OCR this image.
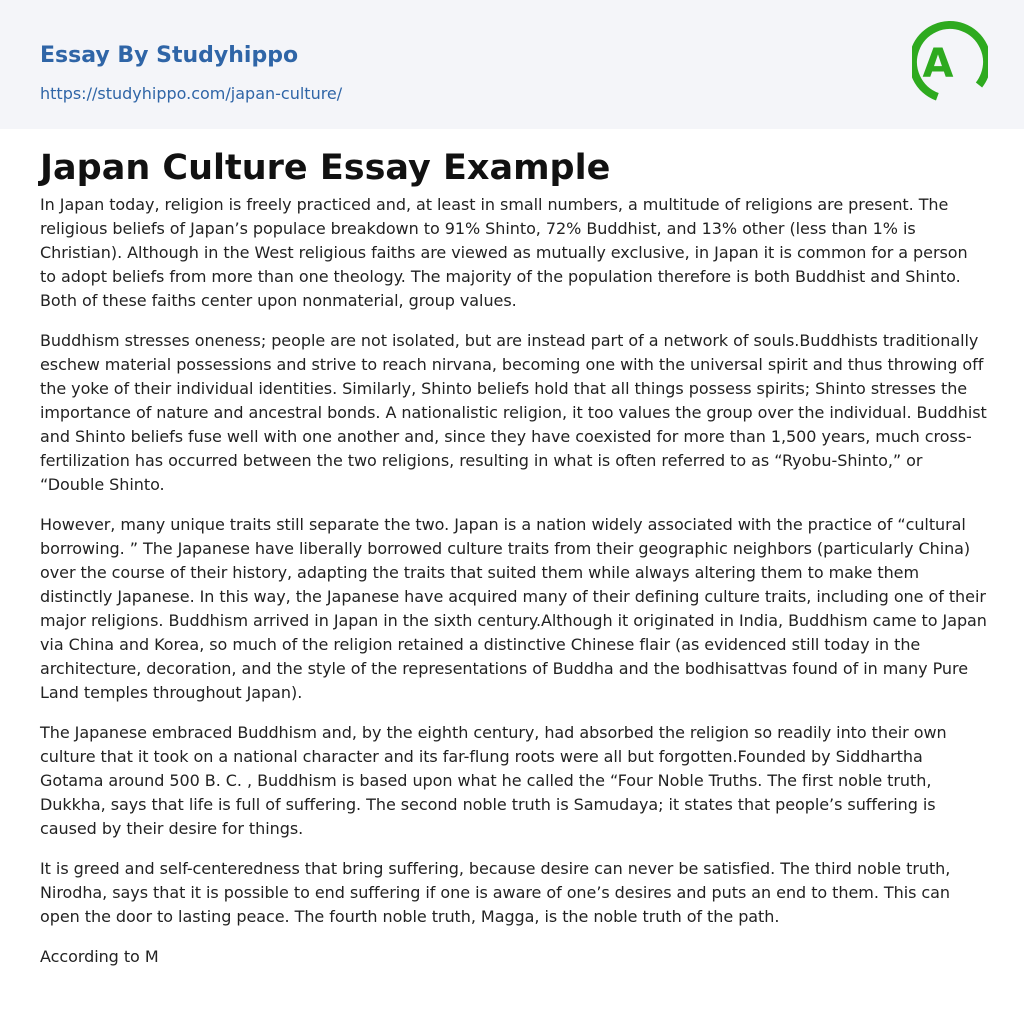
Essay By Studyhippo
https://studyhippo.com/japan-culture/
A
Japan Culture Essay Example

In Japan today, religion is freely practiced and, at least in small numbers, a multitude of religions are present. The religious beliefs of Japan’s populace breakdown to 91% Shinto, 72% Buddhist, and 13% other (less than 1% is Christian). Although in the West religious faiths are viewed as mutually exclusive, in Japan it is common for a person to adopt beliefs from more than one theology. The majority of the population therefore is both Buddhist and Shinto. Both of these faiths center upon nonmaterial, group values.

Buddhism stresses oneness; people are not isolated, but are instead part of a network of souls.Buddhists traditionally eschew material possessions and strive to reach nirvana, becoming one with the universal spirit and thus throwing off the yoke of their individual identities. Similarly, Shinto beliefs hold that all things possess spirits; Shinto stresses the importance of nature and ancestral bonds. A nationalistic religion, it too values the group over the individual. Buddhist and Shinto beliefs fuse well with one another and, since they have coexisted for more than 1,500 years, much cross-fertilization has occurred between the two religions, resulting in what is often referred to as “Ryobu-Shinto,” or “Double Shinto.

However, many unique traits still separate the two. Japan is a nation widely associated with the practice of “cultural borrowing. ” The Japanese have liberally borrowed culture traits from their geographic neighbors (particularly China) over the course of their history, adapting the traits that suited them while always altering them to make them distinctly Japanese. In this way, the Japanese have acquired many of their defining culture traits, including one of their major religions. Buddhism arrived in Japan in the sixth century.Although it originated in India, Buddhism came to Japan via China and Korea, so much of the religion retained a distinctive Chinese flair (as evidenced still today in the architecture, decoration, and the style of the representations of Buddha and the bodhisattvas found of in many Pure Land temples throughout Japan).

The Japanese embraced Buddhism and, by the eighth century, had absorbed the religion so readily into their own culture that it took on a national character and its far-flung roots were all but forgotten.Founded by Siddhartha Gotama around 500 B. C. , Buddhism is based upon what he called the “Four Noble Truths. The first noble truth, Dukkha, says that life is full of suffering. The second noble truth is Samudaya; it states that people’s suffering is caused by their desire for things.

It is greed and self-centeredness that bring suffering, because desire can never be satisfied. The third noble truth, Nirodha, says that it is possible to end suffering if one is aware of one’s desires and puts an end to them. This can open the door to lasting peace. The fourth noble truth, Magga, is the noble truth of the path.

According to M
